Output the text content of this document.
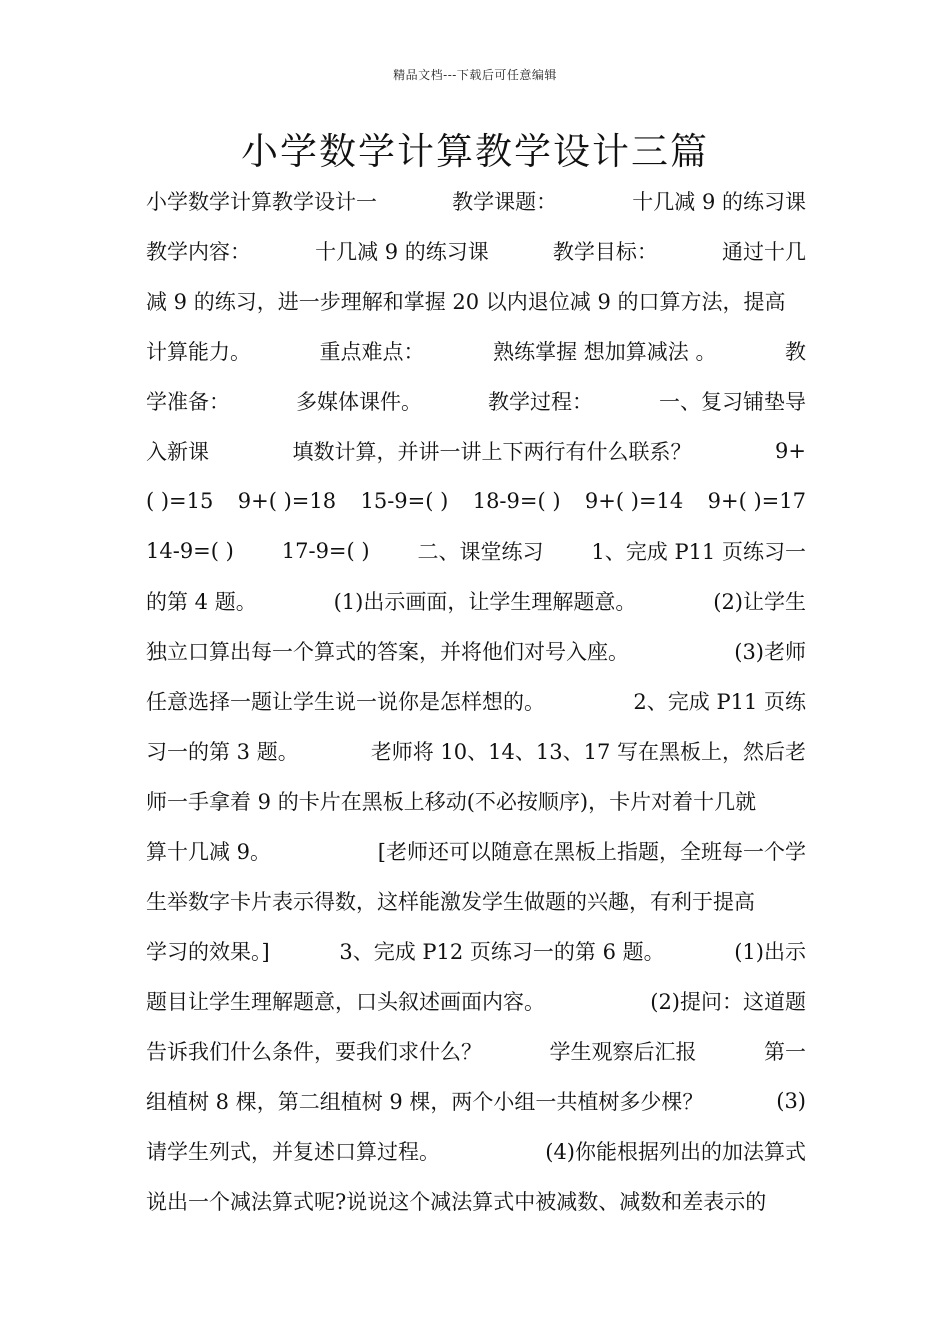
精品文档---下载后可任意编辑
小学数学计算教学设计三篇
小学数学计算教学设计一	教学课题：	十几减 9 的练习课
教学内容：	十几减 9 的练习课	教学目标：	通过十几
减 9 的练习，进一步理解和掌握 20 以内退位减 9 的口算方法，提高
计算能力。	重点难点：	熟练掌握 想加算减法 。	教
学准备：	多媒体课件。	教学过程：	一、复习铺垫导
入新课	填数计算，并讲一讲上下两行有什么联系？	9+
( )=15 9+( )=18 15-9=( ) 18-9=( ) 9+( )=14 9+( )=17
14-9=( ) 17-9=( ) 二、课堂练习 1、完成 P11 页练习一
的第 4 题。	(1)出示画面，让学生理解题意。	(2)让学生
独立口算出每一个算式的答案，并将他们对号入座。	(3)老师
任意选择一题让学生说一说你是怎样想的。	2、完成 P11 页练
习一的第 3 题。	老师将 10、14、13、17 写在黑板上，然后老
师一手拿着 9 的卡片在黑板上移动(不必按顺序)，卡片对着十几就
算十几减 9。	[老师还可以随意在黑板上指题，全班每一个学
生举数字卡片表示得数，这样能激发学生做题的兴趣，有利于提高
学习的效果。]	3、完成 P12 页练习一的第 6 题。	(1)出示
题目让学生理解题意，口头叙述画面内容。	(2)提问：这道题
告诉我们什么条件，要我们求什么？	学生观察后汇报	第一
组植树 8 棵，第二组植树 9 棵，两个小组一共植树多少棵？	(3)
请学生列式，并复述口算过程。	(4)你能根据列出的加法算式
说出一个减法算式呢?说说这个减法算式中被减数、减数和差表示的
